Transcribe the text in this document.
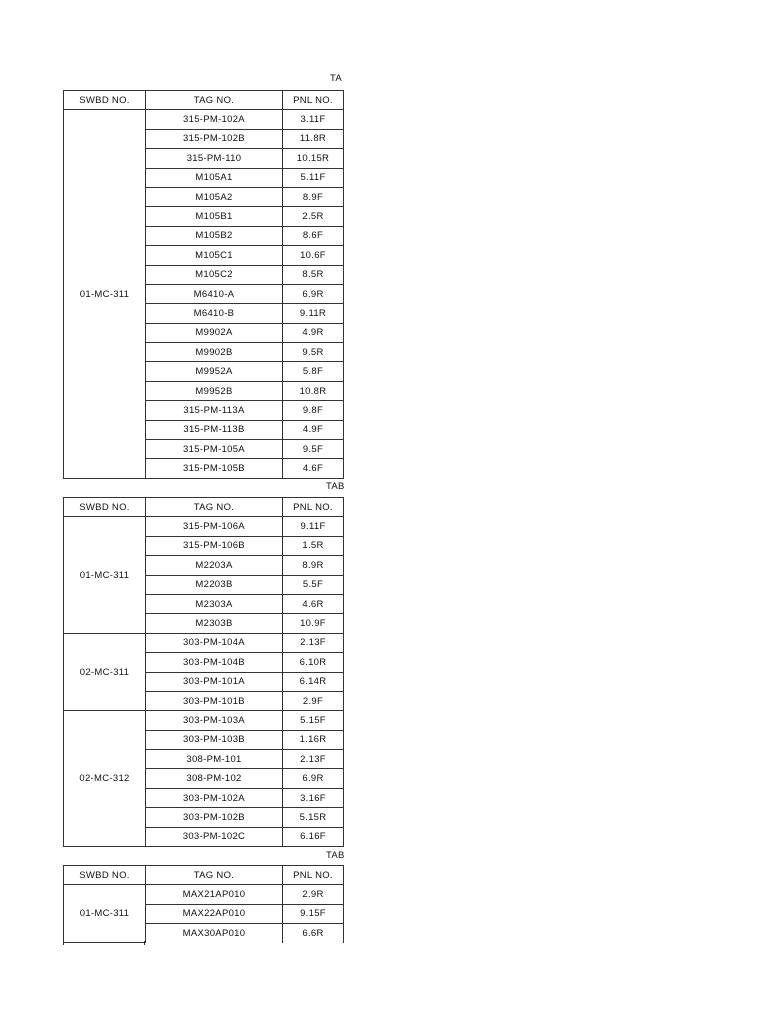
TA
TAB
TAB
SWBD NO.	TAG NO.	PNL NO.
01-MC-311	315-PM-102A	3.11F
	315-PM-102B	11.8R
	315-PM-110	10.15R
	M105A1	5.11F
	M105A2	8.9F
	M105B1	2.5R
	M105B2	8.6F
	M105C1	10.6F
	M105C2	8.5R
	M6410-A	6.9R
	M6410-B	9.11R
	M9902A	4.9R
	M9902B	9.5R
	M9952A	5.8F
	M9952B	10.8R
	315-PM-113A	9.8F
	315-PM-113B	4.9F
	315-PM-105A	9.5F
	315-PM-105B	4.6F
SWBD NO.	TAG NO.	PNL NO.
01-MC-311	315-PM-106A	9.11F
	315-PM-106B	1.5R
	M2203A	8.9R
	M2203B	5.5F
	M2303A	4.6R
	M2303B	10.9F
02-MC-311	303-PM-104A	2.13F
	303-PM-104B	6.10R
	303-PM-101A	6.14R
	303-PM-101B	2.9F
02-MC-312	303-PM-103A	5.15F
	303-PM-103B	1.16R
	308-PM-101	2.13F
	308-PM-102	6.9R
	303-PM-102A	3.16F
	303-PM-102B	5.15R
	303-PM-102C	6.16F
SWBD NO.	TAG NO.	PNL NO.
01-MC-311	MAX21AP010	2.9R
	MAX22AP010	9.15F
	MAX30AP010	6.6R
